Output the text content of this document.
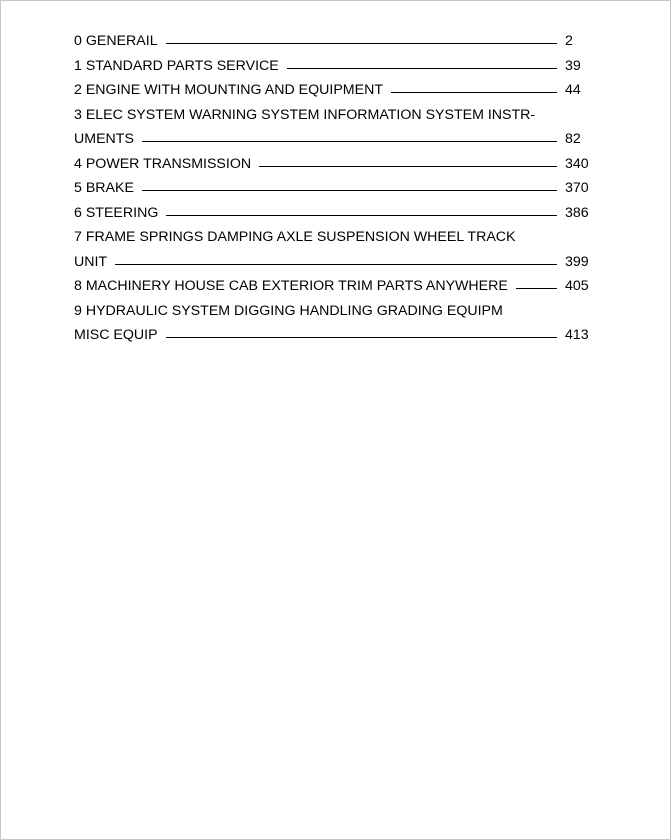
0 GENERAIL	2
1 STANDARD PARTS SERVICE	39
2 ENGINE WITH MOUNTING AND EQUIPMENT	44
3 ELEC SYSTEM WARNING SYSTEM INFORMATION SYSTEM INSTR-
UMENTS	82
4 POWER TRANSMISSION	340
5 BRAKE	370
6 STEERING	386
7 FRAME SPRINGS DAMPING AXLE SUSPENSION WHEEL TRACK
UNIT	399
8 MACHINERY HOUSE CAB EXTERIOR TRIM PARTS ANYWHERE	405
9 HYDRAULIC SYSTEM DIGGING HANDLING GRADING EQUIPM
MISC EQUIP	413
